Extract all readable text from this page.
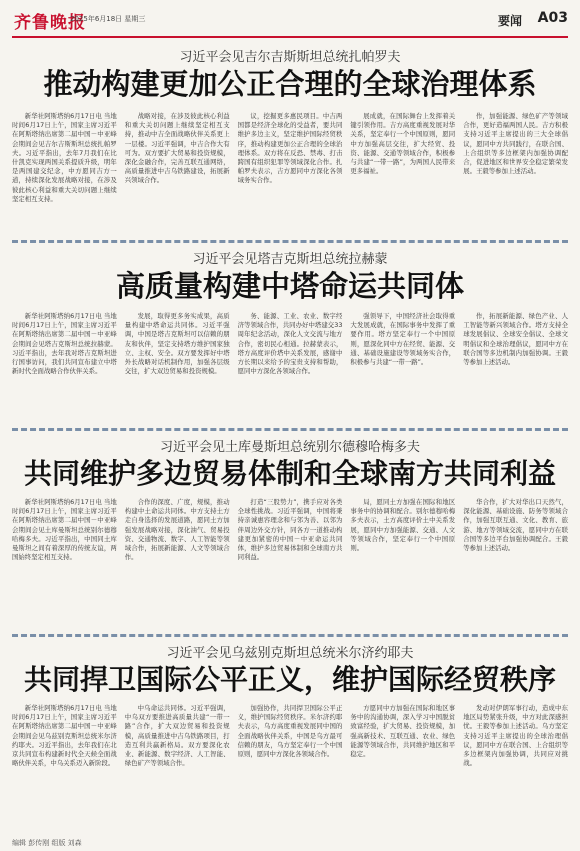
齐鲁晚报
2025年6月18日 星期三	要闻 A03
习近平会见吉尔吉斯斯坦总统扎帕罗夫
推动构建更加公正合理的全球治理体系

新华社阿斯塔纳6月17日电 当地时间6月17日上午，国家主席习近平在阿斯塔纳出席第二届中国－中亚峰会期间会见吉尔吉斯斯坦总统扎帕罗夫。习近平指出，去年7月我们在比什凯克实现两国关系提质升级，明年是两国建交纪念，中方愿同吉方一道，持续深化发展战略对接，在涉及彼此核心利益和重大关切问题上继续坚定相互支持。

战略对接，在涉及彼此核心利益和重大关切问题上继续坚定相互支持，推动中吉全面战略伙伴关系更上一层楼。习近平强调，中吉合作大有可为。双方要扩大贸易和投资规模，深化金融合作，完善互联互通网络，高质量推进中吉乌铁路建设，拓展新兴领域合作。

议，挖掘更多惠民项目。中吉两国都是经济全球化的受益者，要共同维护多边主义，坚定维护国际经贸秩序，推动构建更加公正合理的全球治理体系。双方将在反恐、禁毒、打击跨国有组织犯罪等领域深化合作。扎帕罗夫表示，吉方愿同中方深化各领域务实合作。

展成就，在国际舞台上发挥着关键引领作用。吉方高度重视发展对华关系，坚定奉行一个中国原则，愿同中方加强高层交往，扩大经贸、投资、能源、交通等领域合作，积极参与共建“一带一路”，为两国人民带来更多福祉。

作，加强能源、绿色矿产等领域合作，更好造福两国人民。吉方积极支持习近平主席提出的三大全球倡议，愿同中方共同践行，在联合国、上合组织等多边框架内加强协调配合，促进地区和世界安全稳定繁荣发展。王毅等参加上述活动。

习近平会见塔吉克斯坦总统拉赫蒙
高质量构建中塔命运共同体

新华社阿斯塔纳6月17日电 当地时间6月17日上午，国家主席习近平在阿斯塔纳出席第二届中国－中亚峰会期间会见塔吉克斯坦总统拉赫蒙。习近平指出，去年我对塔吉克斯坦进行国事访问，我们共同宣布建立中塔新时代全面战略合作伙伴关系。

发展，取得更多务实成果，高质量构建中塔命运共同体。习近平强调，中国是塔吉克斯坦可以信赖的朋友和伙伴，坚定支持塔方维护国家独立、主权、安全。双方要发挥好中塔外长战略对话机制作用，加强各层级交往，扩大双边贸易和投资规模。

务、能源、工业、农业、数字经济等领域合作，共同办好中塔建交33周年纪念活动，深化人文交流与地方合作，密切民心相通。拉赫蒙表示，塔方高度评价塔中关系发展，感谢中方长期以来给予的宝贵支持和帮助，愿同中方深化各领域合作。

强领导下，中国经济社会取得重大发展成就，在国际事务中发挥了重要作用。塔方坚定奉行一个中国原则，愿深化同中方在经贸、能源、交通、基础设施建设等领域务实合作，积极参与共建“一带一路”。

作，拓展新能源、绿色产业、人工智能等新兴领域合作。塔方支持全球发展倡议、全球安全倡议、全球文明倡议和全球治理倡议，愿同中方在联合国等多边机制内加强协调。王毅等参加上述活动。

习近平会见土库曼斯坦总统别尔德穆哈梅多夫
共同维护多边贸易体制和全球南方共同利益

新华社阿斯塔纳6月17日电 当地时间6月17日上午，国家主席习近平在阿斯塔纳出席第二届中国－中亚峰会期间会见土库曼斯坦总统别尔德穆哈梅多夫。习近平指出，中国同土库曼斯坦之间有着深厚的传统友谊，两国始终坚定相互支持。

合作的深度、广度，规模，推动构建中土命运共同体。中方支持土方走自身选择的发展道路，愿同土方加强发展战略对接，深化油气、贸易投资、交通物流、数字、人工智能等领域合作，拓展新能源、人文等领域合作。

打造“三股势力”，携手应对各类全球性挑战。习近平强调，中国将秉持亲诚惠容理念和与邻为善、以邻为伴周边外交方针，同各方一道推动构建更加紧密的中国－中亚命运共同体，维护多边贸易体制和全球南方共同利益。

局，愿同土方加强在国际和地区事务中的协调和配合。别尔德穆哈梅多夫表示，土方高度评价土中关系发展，愿同中方加强能源、交通、人文等领域合作，坚定奉行一个中国原则。

华合作，扩大对华出口天然气，深化能源、基础设施、防务等领域合作，加强互联互通、文化、教育、旅游、地方等领域交流，愿同中方在联合国等多边平台加强协调配合。王毅等参加上述活动。

习近平会见乌兹别克斯坦总统米尔济约耶夫
共同捍卫国际公平正义，维护国际经贸秩序

新华社阿斯塔纳6月17日电 当地时间6月17日上午，国家主席习近平在阿斯塔纳出席第二届中国－中亚峰会期间会见乌兹别克斯坦总统米尔济约耶夫。习近平指出，去年我们在北京共同宣布构建新时代全天候全面战略伙伴关系，中乌关系迈入新阶段。

中乌命运共同体。习近平强调，中乌双方要推进高质量共建“一带一路”合作，扩大双边贸易和投资规模，高质量推进中吉乌铁路项目，打造互利共赢新格局。双方要深化农业、新能源、数字经济、人工智能、绿色矿产等领域合作。

加强协作，共同捍卫国际公平正义，维护国际经贸秩序。米尔济约耶夫表示，乌方高度重视发展同中国的全面战略伙伴关系，中国是乌方最可信赖的朋友，乌方坚定奉行一个中国原则，愿同中方深化各领域合作。

方愿同中方加强在国际和地区事务中的沟通协调，深入学习中国脱贫致富经验，扩大贸易、投资规模，加强高新技术、互联互通、农业、绿色能源等领域合作，共同维护地区和平稳定。

发动对伊朗军事行动，造成中东地区局势紧张升级，中方对此深感担忧。王毅等参加上述活动。乌方坚定支持习近平主席提出的全球治理倡议，愿同中方在联合国、上合组织等多边框架内加强协调，共同应对挑战。

编辑 彭传刚 组版 刘森
